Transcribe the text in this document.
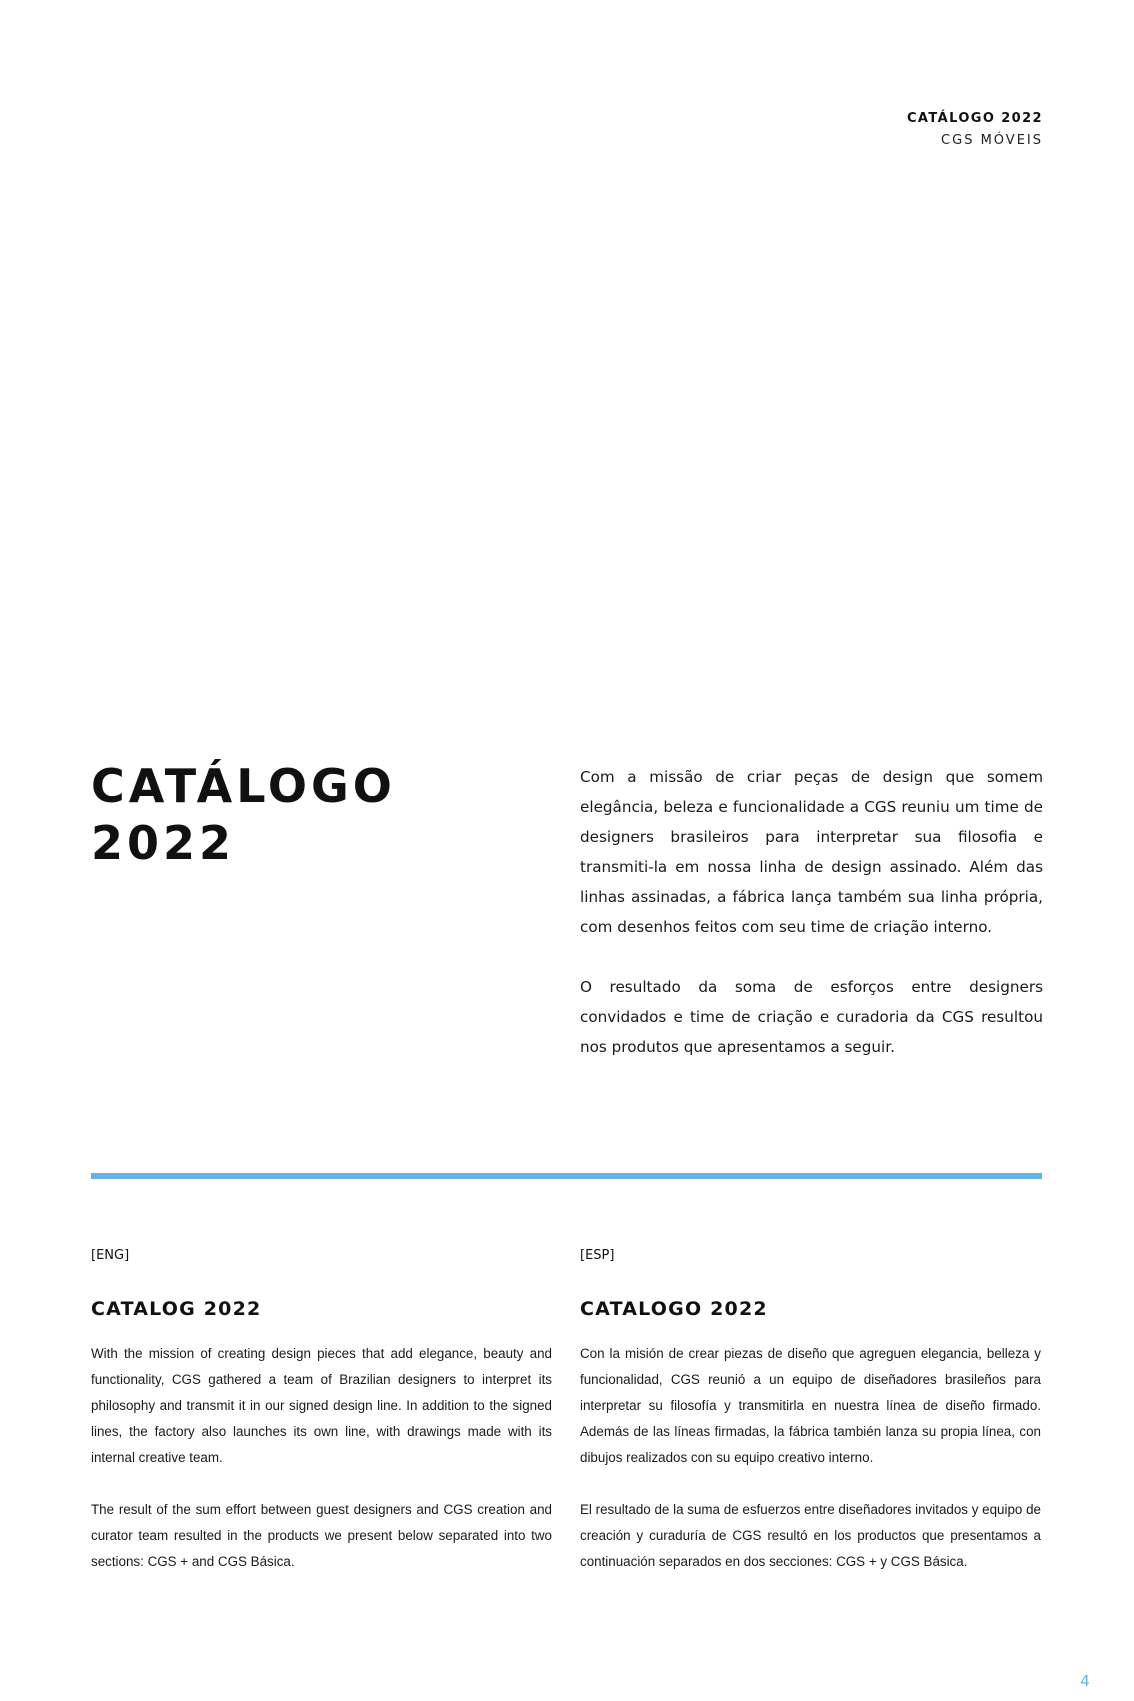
CATÁLOGO 2022
CGS MÓVEIS
CATÁLOGO
2022

Com a missão de criar peças de design que somem elegância, beleza e funcionalidade a CGS reuniu um time de designers brasileiros para interpretar sua filosofia e transmiti-la em nossa linha de design assinado. Além das linhas assinadas, a fábrica lança também sua linha própria, com desenhos feitos com seu time de criação interno.

O resultado da soma de esforços entre designers convidados e time de criação e curadoria da CGS resultou nos produtos que apresentamos a seguir.

[ENG]

CATALOG 2022

With the mission of creating design pieces that add elegance, beauty and functionality, CGS gathered a team of Brazilian designers to interpret its philosophy and transmit it in our signed design line. In addition to the signed lines, the factory also launches its own line, with drawings made with its internal creative team.

The result of the sum effort between guest designers and CGS creation and curator team resulted in the products we present below separated into two sections: CGS + and CGS Básica.

[ESP]

CATALOGO 2022

Con la misión de crear piezas de diseño que agreguen elegancia, belleza y funcionalidad, CGS reunió a un equipo de diseñadores brasileños para interpretar su filosofía y transmitirla en nuestra línea de diseño firmado. Además de las líneas firmadas, la fábrica también lanza su propia línea, con dibujos realizados con su equipo creativo interno.

El resultado de la suma de esfuerzos entre diseñadores invitados y equipo de creación y curaduría de CGS resultó en los productos que presentamos a continuación separados en dos secciones: CGS + y CGS Básica.

4
